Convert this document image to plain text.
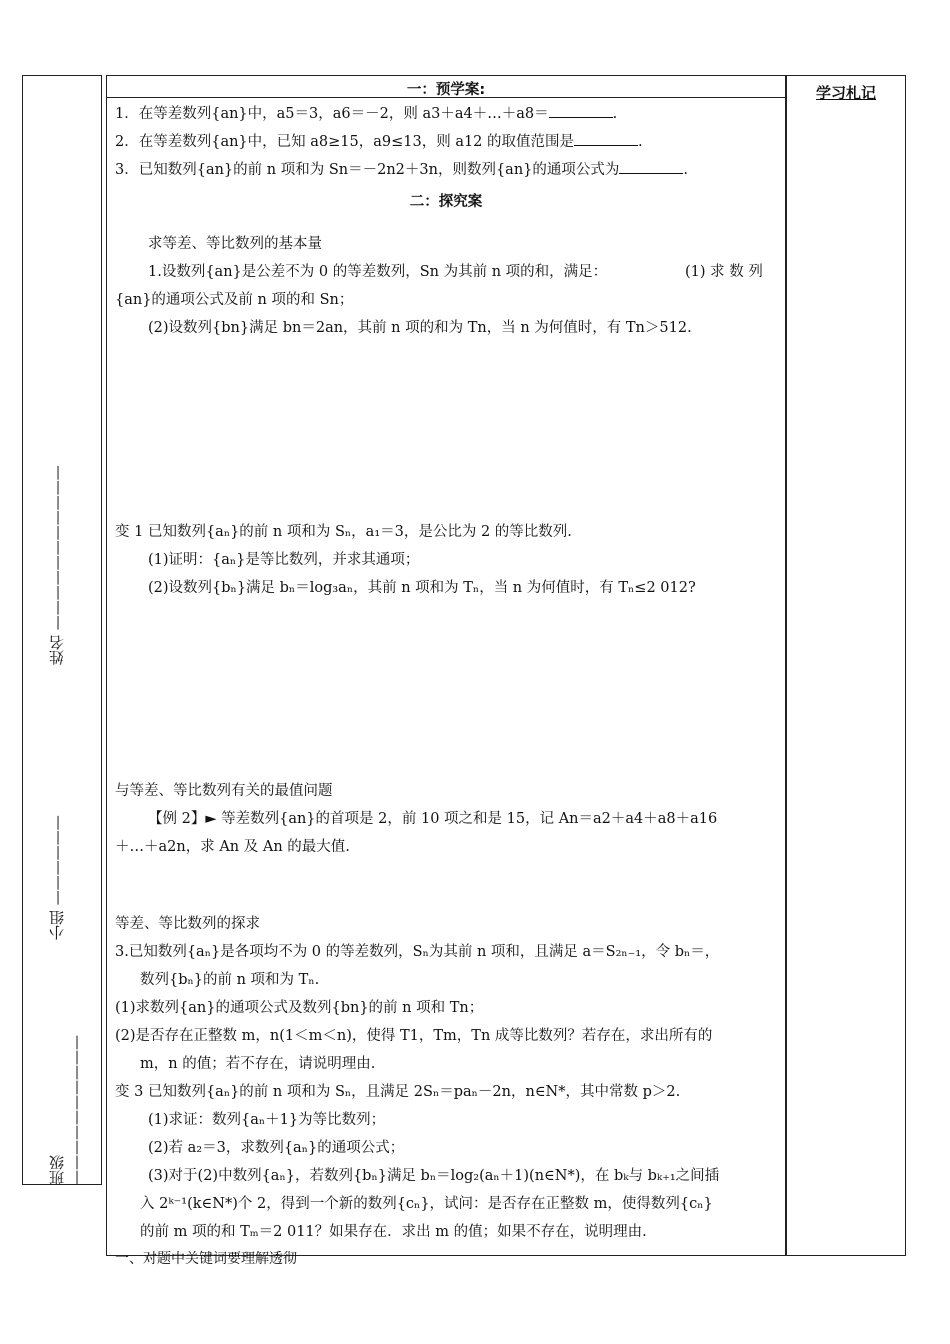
学习札记
姓名 ———————————
小组 ——————
班级——————————
一：预学案:
1．在等差数列{an}中，a5＝3，a6＝－2，则 a3＋a4＋…＋a8＝	.
2．在等差数列{an}中，已知 a8≥15，a9≤13，则 a12 的取值范围是	.
3．已知数列{an}的前 n 项和为 Sn＝－2n2＋3n，则数列{an}的通项公式为	.
二：探究案
求等差、等比数列的基本量
1.设数列{an}是公差不为 0 的等差数列，Sn 为其前 n 项的和，满足：	(1) 求 数 列
{an}的通项公式及前 n 项的和 Sn；
(2)设数列{bn}满足 bn＝2an，其前 n 项的和为 Tn，当 n 为何值时，有 Tn＞512.
变 1 已知数列{aₙ}的前 n 项和为 Sₙ，a₁＝3，是公比为 2 的等比数列.
(1)证明：{aₙ}是等比数列，并求其通项；
(2)设数列{bₙ}满足 bₙ＝log₃aₙ，其前 n 项和为 Tₙ，当 n 为何值时，有 Tₙ≤2 012?
与等差、等比数列有关的最值问题
【例 2】► 等差数列{an}的首项是 2，前 10 项之和是 15，记 An＝a2＋a4＋a8＋a16
＋…＋a2n，求 An 及 An 的最大值.
等差、等比数列的探求
3.已知数列{aₙ}是各项均不为 0 的等差数列，Sₙ为其前 n 项和，且满足 a＝S₂ₙ₋₁，令 bₙ＝，
数列{bₙ}的前 n 项和为 Tₙ.
(1)求数列{an}的通项公式及数列{bn}的前 n 项和 Tn；
(2)是否存在正整数 m，n(1＜m＜n)，使得 T1，Tm，Tn 成等比数列？若存在，求出所有的
m，n 的值；若不存在，请说明理由.
变 3 已知数列{aₙ}的前 n 项和为 Sₙ，且满足 2Sₙ＝paₙ－2n，n∈N*，其中常数 p＞2.
(1)求证：数列{aₙ＋1}为等比数列；
(2)若 a₂＝3，求数列{aₙ}的通项公式；
(3)对于(2)中数列{aₙ}，若数列{bₙ}满足 bₙ＝log₂(aₙ＋1)(n∈N*)，在 bₖ与 bₖ₊₁之间插
入 2ᵏ⁻¹(k∈N*)个 2，得到一个新的数列{cₙ}，试问：是否存在正整数 m，使得数列{cₙ}
的前 m 项的和 Tₘ＝2 011？如果存在．求出 m 的值；如果不存在，说明理由.
一、对题中关键词要理解透彻
